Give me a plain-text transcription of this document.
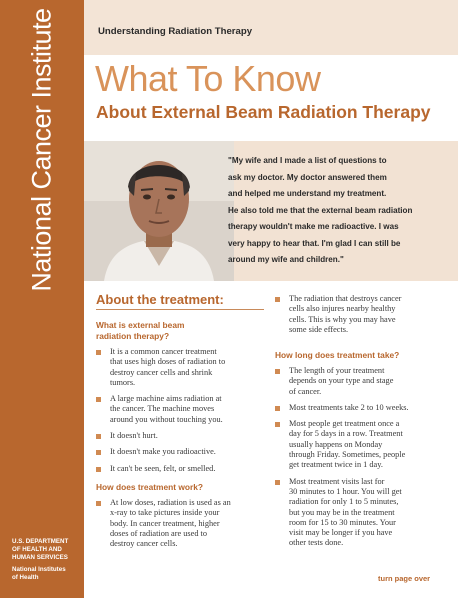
National Cancer Institute
U.S. DEPARTMENT
OF HEALTH AND
HUMAN SERVICES
National Institutes
of Health
Understanding Radiation Therapy
What To Know
About External Beam Radiation Therapy
"My wife and I made a list of questions to
ask my doctor. My doctor answered them
and helped me understand my treatment.
He also told me that the external beam radiation
therapy wouldn't make me radioactive. I was
very happy to hear that. I'm glad I can still be
around my wife and children."
About the treatment:
What is external beam
radiation therapy?
It is a common cancer treatment
that uses high doses of radiation to
destroy cancer cells and shrink
tumors.
A large machine aims radiation at
the cancer. The machine moves
around you without touching you.
It doesn't hurt.
It doesn't make you radioactive.
It can't be seen, felt, or smelled.
How does treatment work?
At low doses, radiation is used as an
x-ray to take pictures inside your
body. In cancer treatment, higher
doses of radiation are used to
destroy cancer cells.
The radiation that destroys cancer
cells also injures nearby healthy
cells. This is why you may have
some side effects.
How long does treatment take?
The length of your treatment
depends on your type and stage
of cancer.
Most treatments take 2 to 10 weeks.
Most people get treatment once a
day for 5 days in a row. Treatment
usually happens on Monday
through Friday. Sometimes, people
get treatment twice in 1 day.
Most treatment visits last for
30 minutes to 1 hour. You will get
radiation for only 1 to 5 minutes,
but you may be in the treatment
room for 15 to 30 minutes. Your
visit may be longer if you have
other tests done.
turn page over
